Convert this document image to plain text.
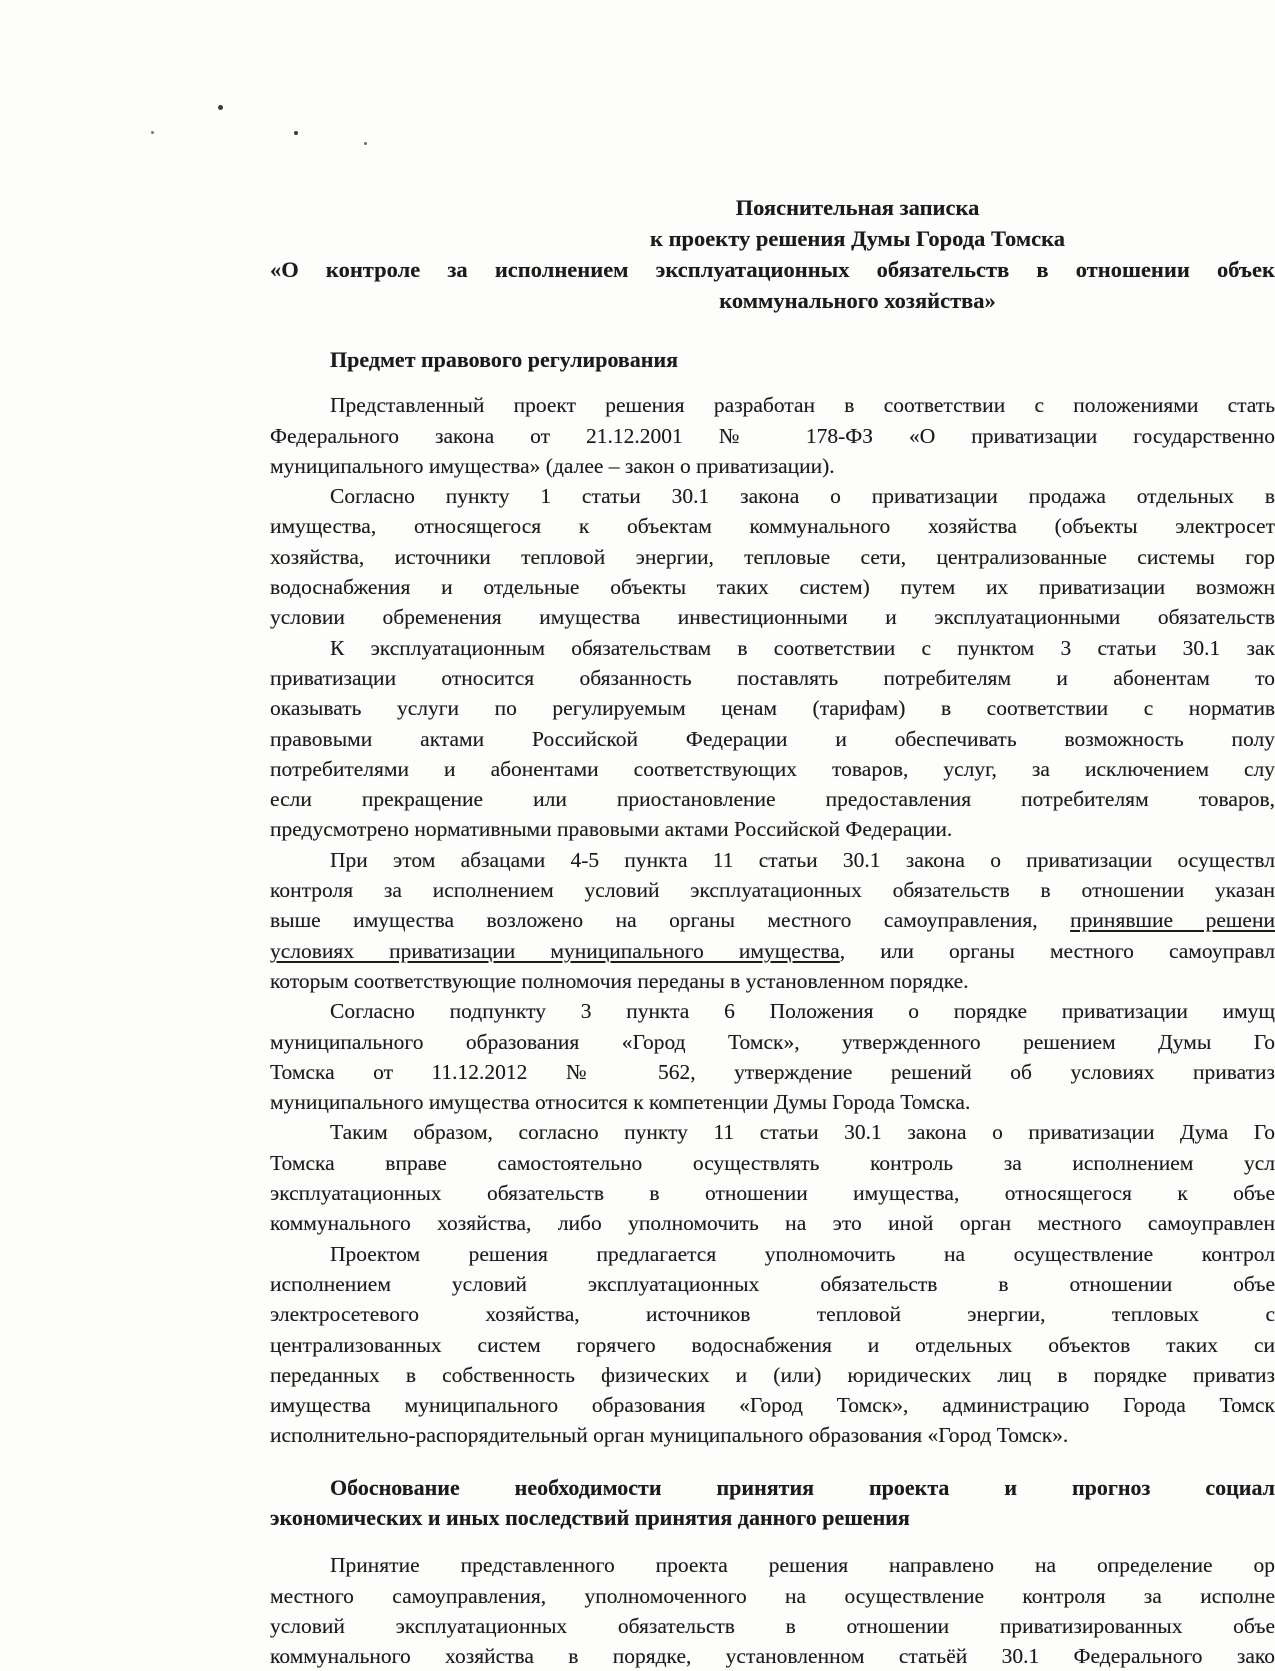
Пояснительная записка
к проекту решения Думы Города Томска
«О контроле за исполнением эксплуатационных обязательств в отношении объек
коммунального хозяйства»
Предмет правового регулирования
Представленный проект решения разработан в соответствии с положениями стать
Федерального закона от 21.12.2001 № 178-ФЗ «О приватизации государственно
муниципального имущества» (далее – закон о приватизации).
Согласно пункту 1 статьи 30.1 закона о приватизации продажа отдельных в
имущества, относящегося к объектам коммунального хозяйства (объекты электросет
хозяйства, источники тепловой энергии, тепловые сети, централизованные системы гор
водоснабжения и отдельные объекты таких систем) путем их приватизации возможн
условии обременения имущества инвестиционными и эксплуатационными обязательств
К эксплуатационным обязательствам в соответствии с пунктом 3 статьи 30.1 зак
приватизации относится обязанность поставлять потребителям и абонентам то
оказывать услуги по регулируемым ценам (тарифам) в соответствии с норматив
правовыми актами Российской Федерации и обеспечивать возможность полу
потребителями и абонентами соответствующих товаров, услуг, за исключением слу
если прекращение или приостановление предоставления потребителям товаров,
предусмотрено нормативными правовыми актами Российской Федерации.
При этом абзацами 4-5 пункта 11 статьи 30.1 закона о приватизации осуществл
контроля за исполнением условий эксплуатационных обязательств в отношении указан
выше имущества возложено на органы местного самоуправления, принявшие решени
условиях приватизации муниципального имущества, или органы местного самоуправл
которым соответствующие полномочия переданы в установленном порядке.
Согласно подпункту 3 пункта 6 Положения о порядке приватизации имущ
муниципального образования «Город Томск», утвержденного решением Думы Го
Томска от 11.12.2012 № 562, утверждение решений об условиях приватиз
муниципального имущества относится к компетенции Думы Города Томска.
Таким образом, согласно пункту 11 статьи 30.1 закона о приватизации Дума Го
Томска вправе самостоятельно осуществлять контроль за исполнением усл
эксплуатационных обязательств в отношении имущества, относящегося к объе
коммунального хозяйства, либо уполномочить на это иной орган местного самоуправлен
Проектом решения предлагается уполномочить на осуществление контрол
исполнением условий эксплуатационных обязательств в отношении объе
электросетевого хозяйства, источников тепловой энергии, тепловых с
централизованных систем горячего водоснабжения и отдельных объектов таких си
переданных в собственность физических и (или) юридических лиц в порядке приватиз
имущества муниципального образования «Город Томск», администрацию Города Томск
исполнительно-распорядительный орган муниципального образования «Город Томск».
Обоснование необходимости принятия проекта и прогноз социал
экономических и иных последствий принятия данного решения
Принятие представленного проекта решения направлено на определение ор
местного самоуправления, уполномоченного на осуществление контроля за исполне
условий эксплуатационных обязательств в отношении приватизированных объе
коммунального хозяйства в порядке, установленном статьёй 30.1 Федерального зако
